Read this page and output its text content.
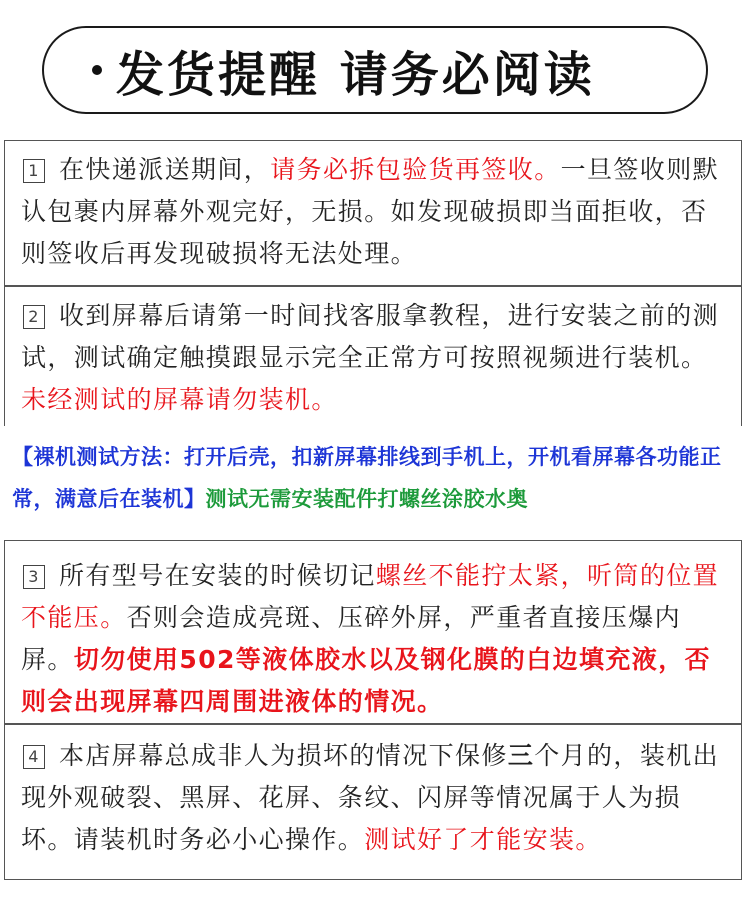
发货提醒 请务必阅读
1 在快递派送期间，请务必拆包验货再签收。一旦签收则默认包裹内屏幕外观完好，无损。如发现破损即当面拒收，否则签收后再发现破损将无法处理。
2 收到屏幕后请第一时间找客服拿教程，进行安装之前的测试，测试确定触摸跟显示完全正常方可按照视频进行装机。未经测试的屏幕请勿装机。
【裸机测试方法：打开后壳，扣新屏幕排线到手机上，开机看屏幕各功能正常，满意后在装机】测试无需安装配件打螺丝涂胶水奥
3 所有型号在安装的时候切记螺丝不能拧太紧，听筒的位置不能压。否则会造成亮斑、压碎外屏，严重者直接压爆内屏。切勿使用502等液体胶水以及钢化膜的白边填充液，否则会出现屏幕四周围进液体的情况。
4 本店屏幕总成非人为损坏的情况下保修三个月的，装机出现外观破裂、黑屏、花屏、条纹、闪屏等情况属于人为损坏。请装机时务必小心操作。测试好了才能安装。
